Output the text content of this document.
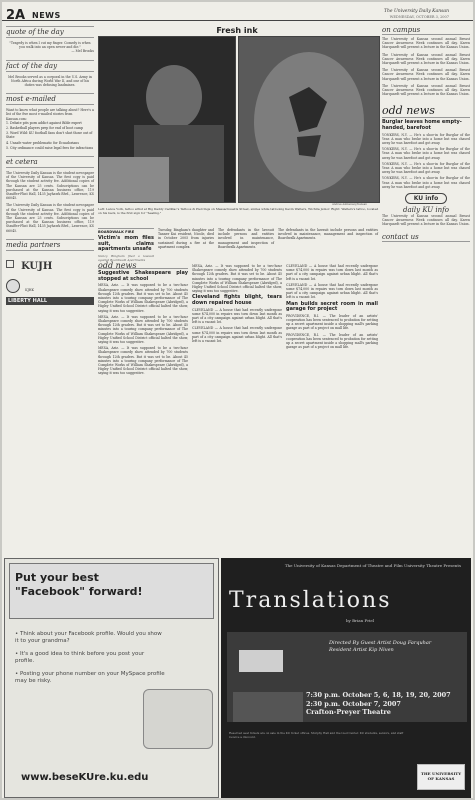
2A NEWS	The University Daily Kansan
WEDNESDAY, OCTOBER 3, 2007
quote of the day
"Tragedy is when I cut my finger. Comedy is when you walk into an open sewer and die."
— Mel Brooks
fact of the day
Mel Brooks served as a corporal in the U.S. Army in North Africa during World War II, and one of his duties was defusing landmines.
most e-mailed
Want to know what people are talking about? Here's a list of the five most e-mailed stories from Kansan.com:
1. Debate pits porn addict against Bible expert
2. Basketball players prep for end of boot camp
3. Word Wild: KU football fans don't shut those out of State
4. Unsafe water problematic for Ecuadorians
5. City ordinance could raise legal fees for infractions
et cetera
The University Daily Kansan is the student newspaper of the University of Kansas. The first copy is paid through the student activity fee. Additional copies of The Kansan are 25 cents. Subscriptions can be purchased at the Kansan business office, 119 Stauffer-Flint Hall, 1435 Jayhawk Blvd., Lawrence, KS 66045.
The University Daily Kansan is the student newspaper of the University of Kansas. The first copy is paid through the student activity fee. Additional copies of The Kansan are 25 cents. Subscriptions can be purchased at the Kansan business office, 119 Stauffer-Flint Hall, 1435 Jayhawk Blvd., Lawrence, KS 66045.
media partners
KUJH
KJHK
LIBERTY HALL
Fresh ink
Andrea Ashkenazy/Kansan
Left: Lance York, tattoo artist at Big Daddy Cadillac's Tattoos & Piercings on Massachusetts Street, smiles while tattooing Kevin Walters, Wichita junior. Right: Walters's tattoo, located on his back, is the first sign for "healing."
BOARDWALK FIRE
Victim's mom files suit, claims apartments unsafe
Nancy Bingham filed a lawsuit against Boardwalk Apartments
Tuesday, Bingham's daughter and Tanner Kui resident, Nicole, died in October 2005 from injuries sustained during a fire at the apartment complex.
The defendants in the lawsuit include persons and entities involved in maintenance, management and inspection of Boardwalk Apartments.
The defendants in the lawsuit include persons and entities involved in maintenance, management and inspection of Boardwalk Apartments.
odd news
Suggestive Shakespeare play stopped at school
MESA, Ariz. — It was supposed to be a two-hour Shakespeare comedy show attended by 700 students through 12th graders. But it was set to be. About 45 minutes into a touring company performance of The Complete Works of William Shakespeare (Abridged), a Higley Unified School District official halted the show, saying it was too suggestive.
MESA, Ariz. — It was supposed to be a two-hour Shakespeare comedy show attended by 700 students through 12th graders. But it was set to be. About 45 minutes into a touring company performance of The Complete Works of William Shakespeare (Abridged), a Higley Unified School District official halted the show, saying it was too suggestive.
MESA, Ariz. — It was supposed to be a two-hour Shakespeare comedy show attended by 700 students through 12th graders. But it was set to be. About 45 minutes into a touring company performance of The Complete Works of William Shakespeare (Abridged), a Higley Unified School District official halted the show, saying it was too suggestive.
MESA, Ariz. — It was supposed to be a two-hour Shakespeare comedy show attended by 700 students through 12th graders. But it was set to be. About 45 minutes into a touring company performance of The Complete Works of William Shakespeare (Abridged), a Higley Unified School District official halted the show, saying it was too suggestive.
Cleveland fights blight, tears down repaired house
CLEVELAND — A house that had recently undergone some $74,000 in repairs was torn down last month as part of a city campaign against urban blight. All that's left is a vacant lot.
CLEVELAND — A house that had recently undergone some $74,000 in repairs was torn down last month as part of a city campaign against urban blight. All that's left is a vacant lot.
CLEVELAND — A house that had recently undergone some $74,000 in repairs was torn down last month as part of a city campaign against urban blight. All that's left is a vacant lot.
CLEVELAND — A house that had recently undergone some $74,000 in repairs was torn down last month as part of a city campaign against urban blight. All that's left is a vacant lot.
Man builds secret room in mall garage for project
PROVIDENCE, R.I. — The leader of an artists' cooperation has been sentenced to probation for setting up a secret apartment inside a shopping mall's parking garage as part of a project on mall life.
PROVIDENCE, R.I. — The leader of an artists' cooperation has been sentenced to probation for setting up a secret apartment inside a shopping mall's parking garage as part of a project on mall life.
on campus
The University of Kansas second annual Breast Cancer Awareness Week continues all day. Karen Marquardt will present a lecture in the Kansas Union.
The University of Kansas second annual Breast Cancer Awareness Week continues all day. Karen Marquardt will present a lecture in the Kansas Union.
The University of Kansas second annual Breast Cancer Awareness Week continues all day. Karen Marquardt will present a lecture in the Kansas Union.
The University of Kansas second annual Breast Cancer Awareness Week continues all day. Karen Marquardt will present a lecture in the Kansas Union.
odd news
Burglar leaves home empty-handed, barefoot
YONKERS, N.Y. — He's a shoe-in for Burglar of the Year. A man who broke into a home but was chased away he was barefoot and got away.
YONKERS, N.Y. — He's a shoe-in for Burglar of the Year. A man who broke into a home but was chased away he was barefoot and got away.
YONKERS, N.Y. — He's a shoe-in for Burglar of the Year. A man who broke into a home but was chased away he was barefoot and got away.
YONKERS, N.Y. — He's a shoe-in for Burglar of the Year. A man who broke into a home but was chased away he was barefoot and got away.
KU info
daily KU info
The University of Kansas second annual Breast Cancer Awareness Week continues all day. Karen Marquardt will present a lecture in the Kansas Union.
contact us
Put your best
"Facebook" forward!
• Think about your Facebook profile. Would you show it to your grandma?
• It's a good idea to think before you post your profile.
• Posting your phone number on your MySpace profile may be risky.
www.beseKUre.ku.edu
The University of Kansas Department of Theatre and Film University Theatre Presents
Translations
by Brian Friel
Directed By Guest Artist Doug Farquhar
Resident Artist Kip Niven
7:30 p.m. October 5, 6, 18, 19, 20, 2007
2:30 p.m. October 7, 2007
Crafton-Preyer Theatre
Reserved seat tickets are on sale in the KU ticket offices. Murphy Hall and the Lied Center. KU students, seniors, and staff receive a discount.
THE UNIVERSITY OF KANSAS
